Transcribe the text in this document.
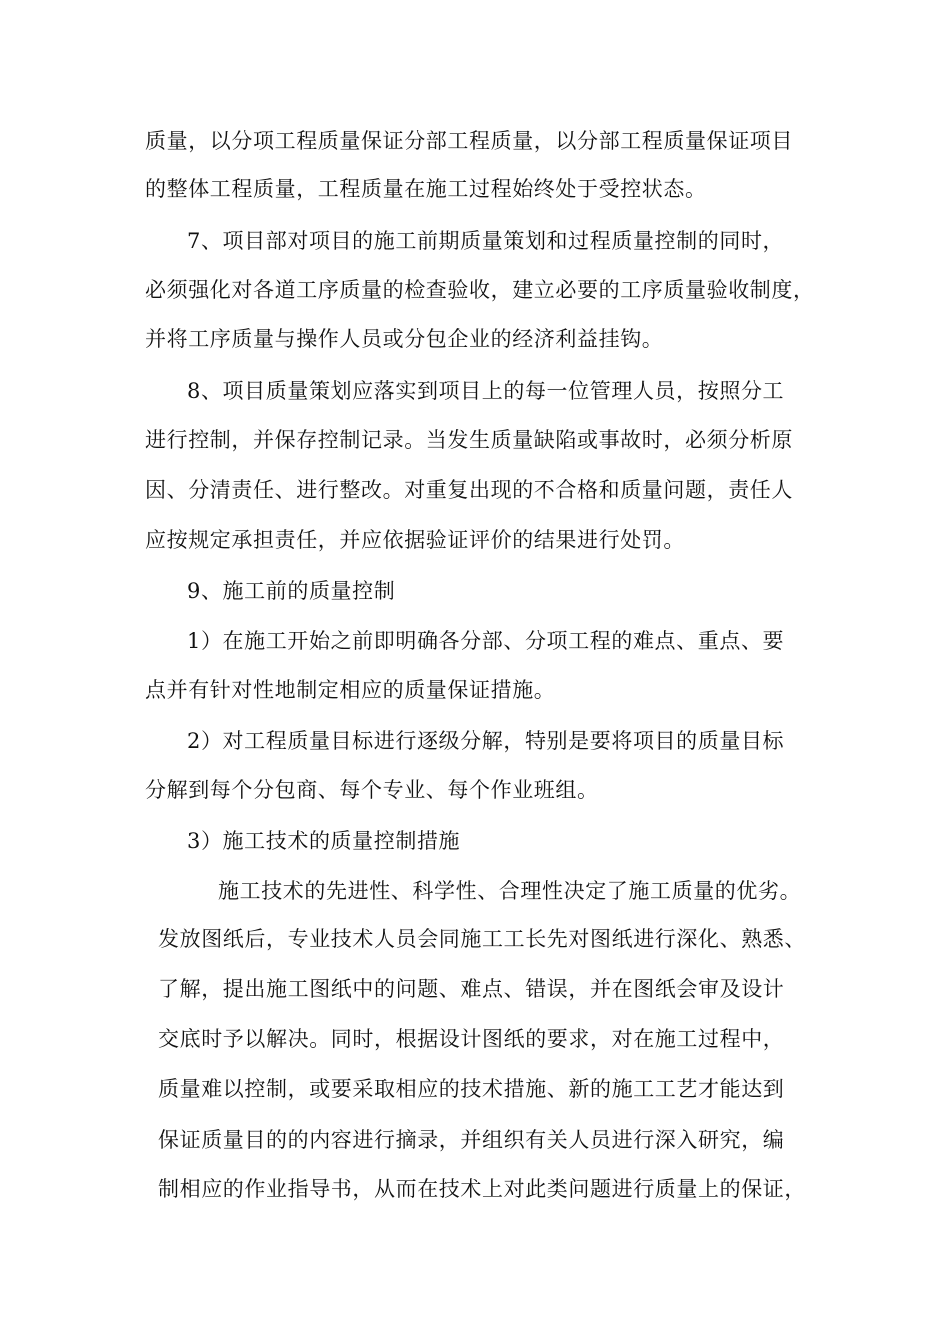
质量，以分项工程质量保证分部工程质量，以分部工程质量保证项目
的整体工程质量，工程质量在施工过程始终处于受控状态。
7、项目部对项目的施工前期质量策划和过程质量控制的同时，
必须强化对各道工序质量的检查验收，建立必要的工序质量验收制度，
并将工序质量与操作人员或分包企业的经济利益挂钩。
8、项目质量策划应落实到项目上的每一位管理人员，按照分工
进行控制，并保存控制记录。当发生质量缺陷或事故时，必须分析原
因、分清责任、进行整改。对重复出现的不合格和质量问题，责任人
应按规定承担责任，并应依据验证评价的结果进行处罚。
9、施工前的质量控制
1）在施工开始之前即明确各分部、分项工程的难点、重点、要
点并有针对性地制定相应的质量保证措施。
2）对工程质量目标进行逐级分解，特别是要将项目的质量目标
分解到每个分包商、每个专业、每个作业班组。
3）施工技术的质量控制措施
施工技术的先进性、科学性、合理性决定了施工质量的优劣。
发放图纸后，专业技术人员会同施工工长先对图纸进行深化、熟悉、
了解，提出施工图纸中的问题、难点、错误，并在图纸会审及设计
交底时予以解决。同时，根据设计图纸的要求，对在施工过程中，
质量难以控制，或要采取相应的技术措施、新的施工工艺才能达到
保证质量目的的内容进行摘录，并组织有关人员进行深入研究，编
制相应的作业指导书，从而在技术上对此类问题进行质量上的保证，
